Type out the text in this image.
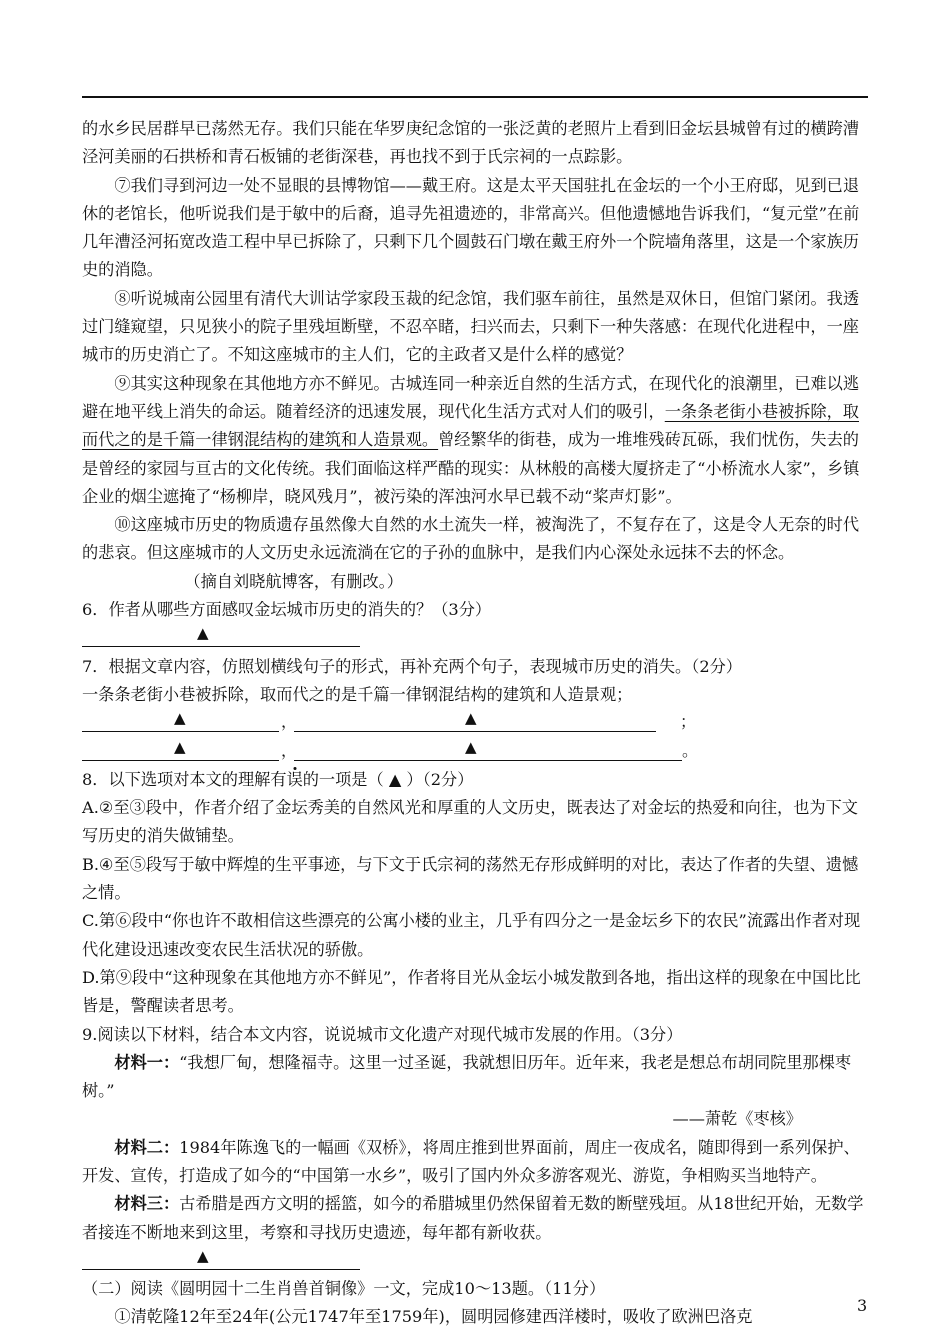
的水乡民居群早已荡然无存。我们只能在华罗庚纪念馆的一张泛黄的老照片上看到旧金坛县城曾有过的横跨漕泾河美丽的石拱桥和青石板铺的老街深巷，再也找不到于氏宗祠的一点踪影。

⑦我们寻到河边一处不显眼的县博物馆——戴王府。这是太平天国驻扎在金坛的一个小王府邸，见到已退休的老馆长，他听说我们是于敏中的后裔，追寻先祖遗迹的，非常高兴。但他遗憾地告诉我们，“复元堂”在前几年漕泾河拓宽改造工程中早已拆除了，只剩下几个圆鼓石门墩在戴王府外一个院墙角落里，这是一个家族历史的消隐。

⑧听说城南公园里有清代大训诂学家段玉裁的纪念馆，我们驱车前往，虽然是双休日，但馆门紧闭。我透过门缝窥望，只见狭小的院子里残垣断壁，不忍卒睹，扫兴而去，只剩下一种失落感：在现代化进程中，一座城市的历史消亡了。不知这座城市的主人们，它的主政者又是什么样的感觉？

⑨其实这种现象在其他地方亦不鲜见。古城连同一种亲近自然的生活方式，在现代化的浪潮里，已难以逃避在地平线上消失的命运。随着经济的迅速发展，现代化生活方式对人们的吸引，一条条老街小巷被拆除，取而代之的是千篇一律钢混结构的建筑和人造景观。曾经繁华的街巷，成为一堆堆残砖瓦砾，我们忧伤，失去的是曾经的家园与亘古的文化传统。我们面临这样严酷的现实：从林般的高楼大厦挤走了“小桥流水人家”，乡镇企业的烟尘遮掩了“杨柳岸，晓风残月”，被污染的浑浊河水早已载不动“桨声灯影”。

⑩这座城市历史的物质遗存虽然像大自然的水土流失一样，被淘洗了，不复存在了，这是令人无奈的时代的悲哀。但这座城市的人文历史永远流淌在它的子孙的血脉中，是我们内心深处永远抹不去的怀念。（摘自刘晓航博客，有删改。）

6．作者从哪些方面感叹金坛城市历史的消失的？（3分）

▲

7．根据文章内容，仿照划横线句子的形式，再补充两个句子，表现城市历史的消失。（2分）

一条条老街小巷被拆除，取而代之的是千篇一律钢混结构的建筑和人造景观；

▲	，	▲	；
▲	，	▲	。

8．以下选项对本文的理解有误的一项是（ ▲ ）（2分）

A.②至③段中，作者介绍了金坛秀美的自然风光和厚重的人文历史，既表达了对金坛的热爱和向往，也为下文写历史的消失做铺垫。

B.④至⑤段写于敏中辉煌的生平事迹，与下文于氏宗祠的荡然无存形成鲜明的对比，表达了作者的失望、遗憾之情。

C.第⑥段中“你也许不敢相信这些漂亮的公寓小楼的业主，几乎有四分之一是金坛乡下的农民”流露出作者对现代化建设迅速改变农民生活状况的骄傲。

D.第⑨段中“这种现象在其他地方亦不鲜见”，作者将目光从金坛小城发散到各地，指出这样的现象在中国比比皆是，警醒读者思考。

9.阅读以下材料，结合本文内容，说说城市文化遗产对现代城市发展的作用。（3分）

材料一：“我想厂甸，想隆福寺。这里一过圣诞，我就想旧历年。近年来，我老是想总布胡同院里那棵枣树。”
——萧乾《枣核》

材料二：1984年陈逸飞的一幅画《双桥》，将周庄推到世界面前，周庄一夜成名，随即得到一系列保护、开发、宣传，打造成了如今的“中国第一水乡”，吸引了国内外众多游客观光、游览，争相购买当地特产。

材料三：古希腊是西方文明的摇篮，如今的希腊城里仍然保留着无数的断壁残垣。从18世纪开始，无数学者接连不断地来到这里，考察和寻找历史遗迹，每年都有新收获。

▲

（二）阅读《圆明园十二生肖兽首铜像》一文，完成10～13题。（11分）

①清乾隆12年至24年(公元1747年至1759年)，圆明园修建西洋楼时，吸收了欧洲巴洛克

3
